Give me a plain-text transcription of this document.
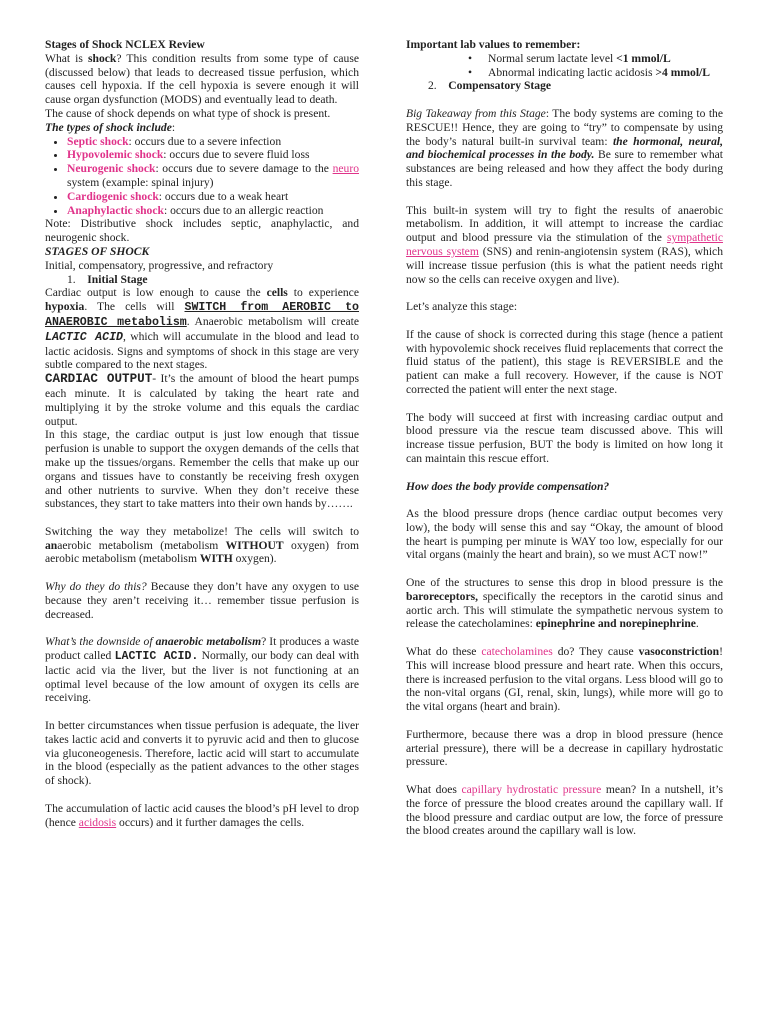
Stages of Shock NCLEX Review

What is shock? This condition results from some type of cause (discussed below) that leads to decreased tissue perfusion, which causes cell hypoxia. If the cell hypoxia is severe enough it will cause organ dysfunction (MODS) and eventually lead to death.

The cause of shock depends on what type of shock is present.

The types of shock include:

• Septic shock: occurs due to a severe infection
• Hypovolemic shock: occurs due to severe fluid loss
• Neurogenic shock: occurs due to severe damage to the neuro system (example: spinal injury)
• Cardiogenic shock: occurs due to a weak heart
• Anaphylactic shock: occurs due to an allergic reaction

Note: Distributive shock includes septic, anaphylactic, and neurogenic shock.

STAGES OF SHOCK

Initial, compensatory, progressive, and refractory

1. Initial Stage

Cardiac output is low enough to cause the cells to experience hypoxia. The cells will SWITCH from AEROBIC to ANAEROBIC metabolism. Anaerobic metabolism will create LACTIC ACID, which will accumulate in the blood and lead to lactic acidosis. Signs and symptoms of shock in this stage are very subtle compared to the next stages.

CARDIAC OUTPUT- It’s the amount of blood the heart pumps each minute. It is calculated by taking the heart rate and multiplying it by the stroke volume and this equals the cardiac output.

In this stage, the cardiac output is just low enough that tissue perfusion is unable to support the oxygen demands of the cells that make up the tissues/organs. Remember the cells that make up our organs and tissues have to constantly be receiving fresh oxygen and other nutrients to survive. When they don’t receive these substances, they start to take matters into their own hands by…….

Switching the way they metabolize! The cells will switch to anaerobic metabolism (metabolism WITHOUT oxygen) from aerobic metabolism (metabolism WITH oxygen).

Why do they do this? Because they don’t have any oxygen to use because they aren’t receiving it… remember tissue perfusion is decreased.

What’s the downside of anaerobic metabolism? It produces a waste product called LACTIC ACID. Normally, our body can deal with lactic acid via the liver, but the liver is not functioning at an optimal level because of the low amount of oxygen its cells are receiving.

In better circumstances when tissue perfusion is adequate, the liver takes lactic acid and converts it to pyruvic acid and then to glucose via gluconeogenesis. Therefore, lactic acid will start to accumulate in the blood (especially as the patient advances to the other stages of shock).

The accumulation of lactic acid causes the blood’s pH level to drop (hence acidosis occurs) and it further damages the cells.

Important lab values to remember:

• Normal serum lactate level <1 mmol/L
• Abnormal indicating lactic acidosis >4 mmol/L

2. Compensatory Stage

Big Takeaway from this Stage: The body systems are coming to the RESCUE!! Hence, they are going to “try” to compensate by using the body’s natural built-in survival team: the hormonal, neural, and biochemical processes in the body. Be sure to remember what substances are being released and how they affect the body during this stage.

This built-in system will try to fight the results of anaerobic metabolism. In addition, it will attempt to increase the cardiac output and blood pressure via the stimulation of the sympathetic nervous system (SNS) and renin-angiotensin system (RAS), which will increase tissue perfusion (this is what the patient needs right now so the cells can receive oxygen and live).

Let’s analyze this stage:

If the cause of shock is corrected during this stage (hence a patient with hypovolemic shock receives fluid replacements that correct the fluid status of the patient), this stage is REVERSIBLE and the patient can make a full recovery. However, if the cause is NOT corrected the patient will enter the next stage.

The body will succeed at first with increasing cardiac output and blood pressure via the rescue team discussed above. This will increase tissue perfusion, BUT the body is limited on how long it can maintain this rescue effort.

How does the body provide compensation?

As the blood pressure drops (hence cardiac output becomes very low), the body will sense this and say “Okay, the amount of blood the heart is pumping per minute is WAY too low, especially for our vital organs (mainly the heart and brain), so we must ACT now!”

One of the structures to sense this drop in blood pressure is the baroreceptors, specifically the receptors in the carotid sinus and aortic arch. This will stimulate the sympathetic nervous system to release the catecholamines: epinephrine and norepinephrine.

What do these catecholamines do? They cause vasoconstriction! This will increase blood pressure and heart rate. When this occurs, there is increased perfusion to the vital organs. Less blood will go to the non-vital organs (GI, renal, skin, lungs), while more will go to the vital organs (heart and brain).

Furthermore, because there was a drop in blood pressure (hence arterial pressure), there will be a decrease in capillary hydrostatic pressure.

What does capillary hydrostatic pressure mean? In a nutshell, it’s the force of pressure the blood creates around the capillary wall. If the blood pressure and cardiac output are low, the force of pressure the blood creates around the capillary wall is low.
